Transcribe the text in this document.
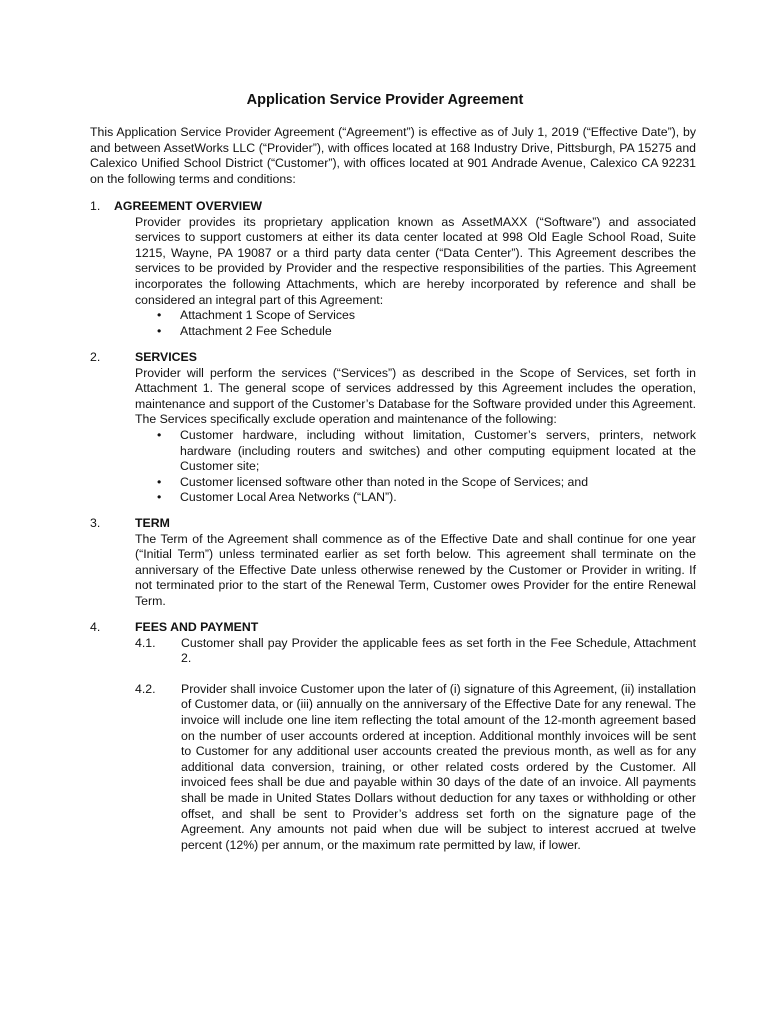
Application Service Provider Agreement

This Application Service Provider Agreement (“Agreement”) is effective as of July 1, 2019 (“Effective Date”), by and between AssetWorks LLC (“Provider”), with offices located at 168 Industry Drive, Pittsburgh, PA 15275 and Calexico Unified School District (“Customer”), with offices located at 901 Andrade Avenue, Calexico CA 92231 on the following terms and conditions:

1. AGREEMENT OVERVIEW

Provider provides its proprietary application known as AssetMAXX (“Software”) and associated services to support customers at either its data center located at 998 Old Eagle School Road, Suite 1215, Wayne, PA 19087 or a third party data center (“Data Center”). This Agreement describes the services to be provided by Provider and the respective responsibilities of the parties. This Agreement incorporates the following Attachments, which are hereby incorporated by reference and shall be considered an integral part of this Agreement:

• Attachment 1 Scope of Services
• Attachment 2 Fee Schedule
2.	SERVICES

Provider will perform the services (“Services”) as described in the Scope of Services, set forth in Attachment 1. The general scope of services addressed by this Agreement includes the operation, maintenance and support of the Customer’s Database for the Software provided under this Agreement. The Services specifically exclude operation and maintenance of the following:

• Customer hardware, including without limitation, Customer’s servers, printers, network hardware (including routers and switches) and other computing equipment located at the Customer site;
• Customer licensed software other than noted in the Scope of Services; and
• Customer Local Area Networks (“LAN”).
3.	TERM

The Term of the Agreement shall commence as of the Effective Date and shall continue for one year (“Initial Term”) unless terminated earlier as set forth below. This agreement shall terminate on the anniversary of the Effective Date unless otherwise renewed by the Customer or Provider in writing. If not terminated prior to the start of the Renewal Term, Customer owes Provider for the entire Renewal Term.

4.	FEES AND PAYMENT
4.1. Customer shall pay Provider the applicable fees as set forth in the Fee Schedule, Attachment 2.

4.2. Provider shall invoice Customer upon the later of (i) signature of this Agreement, (ii) installation of Customer data, or (iii) annually on the anniversary of the Effective Date for any renewal. The invoice will include one line item reflecting the total amount of the 12-month agreement based on the number of user accounts ordered at inception. Additional monthly invoices will be sent to Customer for any additional user accounts created the previous month, as well as for any additional data conversion, training, or other related costs ordered by the Customer. All invoiced fees shall be due and payable within 30 days of the date of an invoice. All payments shall be made in United States Dollars without deduction for any taxes or withholding or other offset, and shall be sent to Provider’s address set forth on the signature page of the Agreement. Any amounts not paid when due will be subject to interest accrued at twelve percent (12%) per annum, or the maximum rate permitted by law, if lower.
